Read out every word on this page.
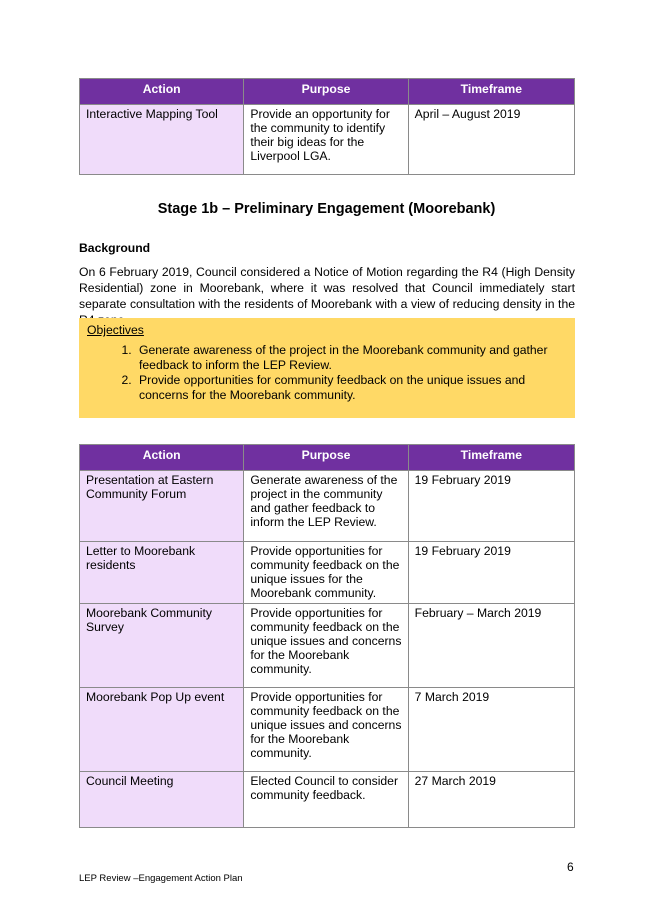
Action	Purpose	Timeframe
Interactive Mapping Tool	Provide an opportunity for the community to identify their big ideas for the Liverpool LGA.	April – August 2019
Stage 1b – Preliminary Engagement (Moorebank)
Background
On 6 February 2019, Council considered a Notice of Motion regarding the R4 (High Density Residential) zone in Moorebank, where it was resolved that Council immediately start separate consultation with the residents of Moorebank with a view of reducing density in the
Objectives
1. Generate awareness of the project in the Moorebank community and gather feedback to inform the LEP Review.
2. Provide opportunities for community feedback on the unique issues and concerns for the Moorebank community.
Action	Purpose	Timeframe
Presentation at Eastern Community Forum	Generate awareness of the project in the community and gather feedback to inform the LEP Review.	19 February 2019
Letter to Moorebank residents	Provide opportunities for community feedback on the unique issues for the Moorebank community.	19 February 2019
Moorebank Community Survey	Provide opportunities for community feedback on the unique issues and concerns for the Moorebank community.	February – March 2019
Moorebank Pop Up event	Provide opportunities for community feedback on the unique issues and concerns for the Moorebank community.	7 March 2019
Council Meeting	Elected Council to consider community feedback.	27 March 2019
6
LEP Review –Engagement Action Plan
